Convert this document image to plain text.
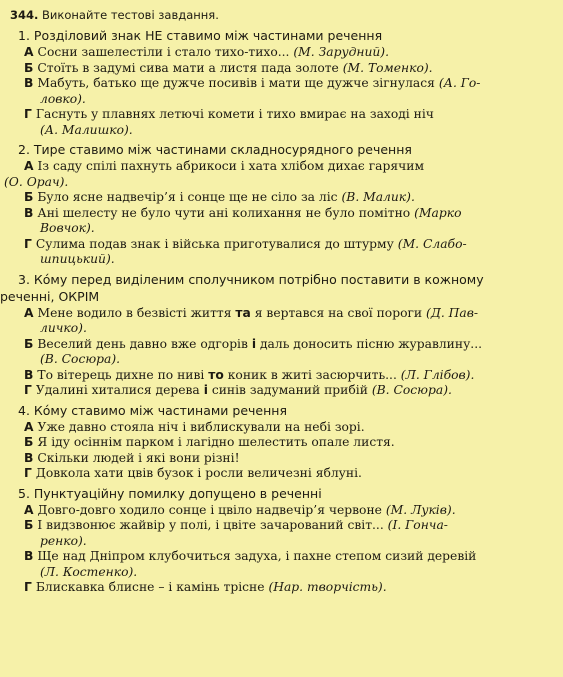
344. Виконайте тестові завдання.
1. Розділовий знак НЕ ставимо між частинами речення
А Сосни зашелестіли і стало тихо-тихо... (М. Зарудний).
Б Стоїть в задумі сива мати а листя пада золоте (М. Томенко).
В Мабуть, батько ще дужче посивів і мати ще дужче зігнулася (А. Го-
ловко).
Г Гаснуть у плавнях летючі комети і тихо вмирає на заході ніч
(А. Малишко).
2. Тире ставимо між частинами складносурядного речення
А Із саду спілі пахнуть абрикоси і хата хлібом дихає гарячим
(О. Орач).
Б Було ясне надвечір’я і сонце ще не сіло за ліс (В. Малик).
В Ані шелесту не було чути ані колихання не було помітно (Марко
Вовчок).
Г Сулима подав знак і війська приготувалися до штурму (М. Слабо-
шпицький).
3. Кóму перед виділеним сполучником потрібно поставити в кожному
реченні, ОКРІМ
А Мене водило в безвісті життя та я вертався на свої пороги (Д. Пав-
личко).
Б Веселий день давно вже одгорів і даль доносить пісню журавлину...
(В. Сосюра).
В То вітерець дихне по ниві то коник в житі засюрчить... (Л. Глібов).
Г Удалині хиталися дерева і синів задуманий прибій (В. Сосюра).
4. Кóму ставимо між частинами речення
А Уже давно стояла ніч і виблискували на небі зорі.
Б Я іду осіннім парком і лагідно шелестить опале листя.
В Скільки людей і які вони різні!
Г Довкола хати цвів бузок і росли величезні яблуні.
5. Пунктуаційну помилку допущено в реченні
А Довго-довго ходило сонце і цвіло надвечір’я червоне (М. Луків).
Б І видзвонює жайвір у полі, і цвіте зачарований світ... (І. Гонча-
ренко).
В Ще над Дніпром клубочиться задуха, і пахне степом сизий деревій
(Л. Костенко).
Г Блискавка блисне – і камінь трісне (Нар. творчість).
